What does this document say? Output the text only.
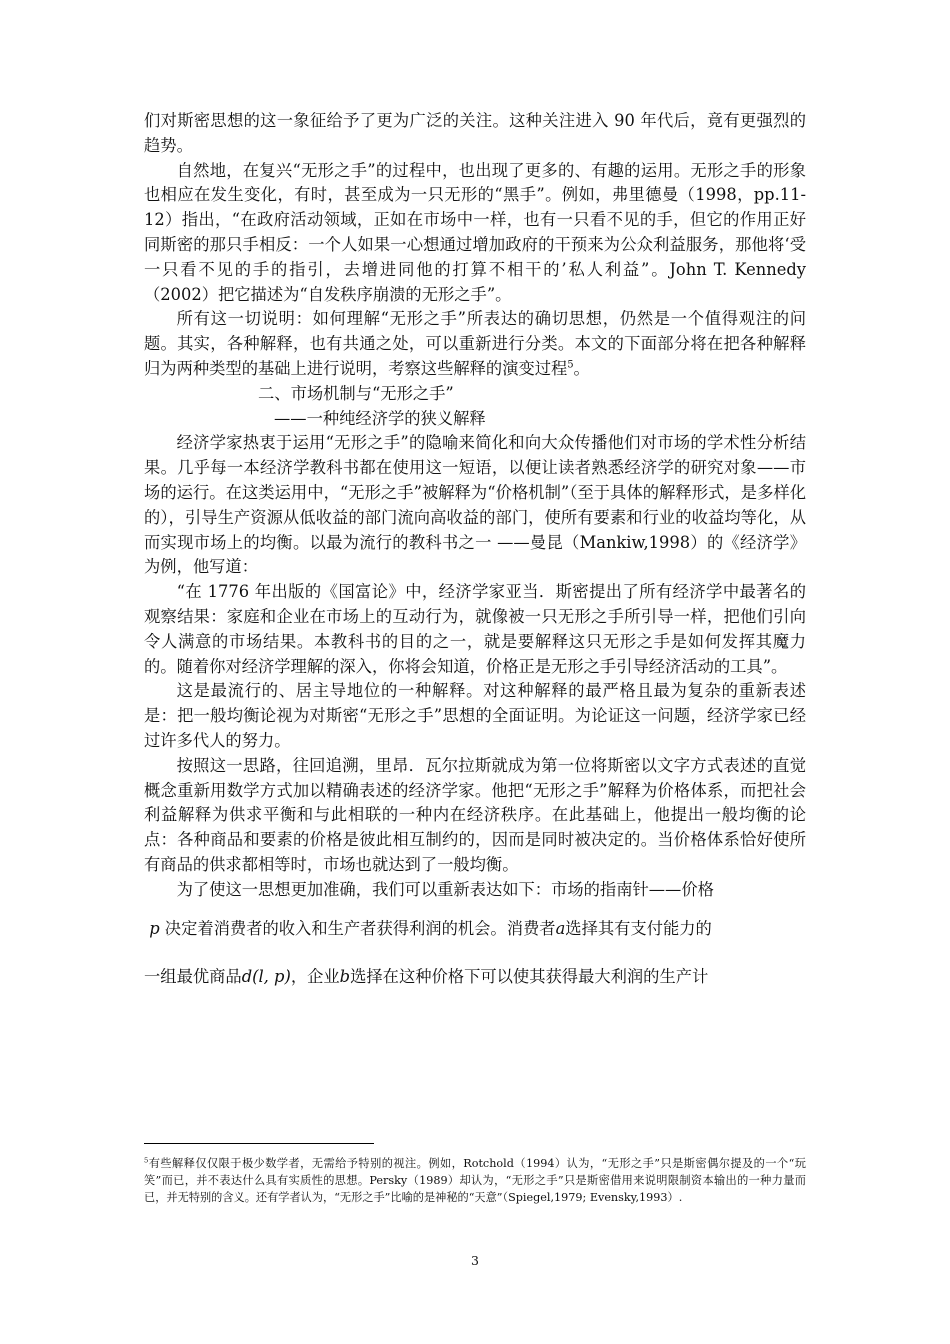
们对斯密思想的这一象征给予了更为广泛的关注。这种关注进入 90 年代后，竟有更强烈的趋势。

自然地，在复兴“无形之手”的过程中，也出现了更多的、有趣的运用。无形之手的形象也相应在发生变化，有时，甚至成为一只无形的“黑手”。例如，弗里德曼（1998，pp.11-12）指出，“在政府活动领域，正如在市场中一样，也有一只看不见的手，但它的作用正好同斯密的那只手相反：一个人如果一心想通过增加政府的干预来为公众利益服务，那他将‘受一只看不见的手的指引，去增进同他的打算不相干的’私人利益”。John T. Kennedy（2002）把它描述为“自发秩序崩溃的无形之手”。

所有这一切说明：如何理解“无形之手”所表达的确切思想，仍然是一个值得观注的问题。其实，各种解释，也有共通之处，可以重新进行分类。本文的下面部分将在把各种解释归为两种类型的基础上进行说明，考察这些解释的演变过程$^5$。

二、市场机制与“无形之手”

——一种纯经济学的狭义解释

经济学家热衷于运用“无形之手”的隐喻来简化和向大众传播他们对市场的学术性分析结果。几乎每一本经济学教科书都在使用这一短语，以便让读者熟悉经济学的研究对象——市场的运行。在这类运用中，“无形之手”被解释为“价格机制”（至于具体的解释形式，是多样化的），引导生产资源从低收益的部门流向高收益的部门，使所有要素和行业的收益均等化，从而实现市场上的均衡。以最为流行的教科书之一 ——曼昆（Mankiw,1998）的《经济学》为例，他写道：

“在 1776 年出版的《国富论》中，经济学家亚当．斯密提出了所有经济学中最著名的观察结果：家庭和企业在市场上的互动行为，就像被一只无形之手所引导一样，把他们引向令人满意的市场结果。本教科书的目的之一，就是要解释这只无形之手是如何发挥其魔力的。随着你对经济学理解的深入，你将会知道，价格正是无形之手引导经济活动的工具”。

这是最流行的、居主导地位的一种解释。对这种解释的最严格且最为复杂的重新表述是：把一般均衡论视为对斯密“无形之手”思想的全面证明。为论证这一问题，经济学家已经过许多代人的努力。

按照这一思路，往回追溯，里昂．瓦尔拉斯就成为第一位将斯密以文字方式表述的直觉概念重新用数学方式加以精确表述的经济学家。他把“无形之手”解释为价格体系，而把社会利益解释为供求平衡和与此相联的一种内在经济秩序。在此基础上，他提出一般均衡的论点：各种商品和要素的价格是彼此相互制约的，因而是同时被决定的。当价格体系恰好使所有商品的供求都相等时，市场也就达到了一般均衡。

为了使这一思想更加准确，我们可以重新表达如下：市场的指南针——价格

p 决定着消费者的收入和生产者获得利润的机会。消费者a选择其有支付能力的

一组最优商品d(l, p)，企业b选择在这种价格下可以使其获得最大利润的生产计

$^5$有些解释仅仅限于极少数学者，无需给予特别的视注。例如，Rotchold（1994）认为，“无形之手”只是斯密偶尔提及的一个“玩笑”而已，并不表达什么具有实质性的思想。Persky（1989）却认为，“无形之手”只是斯密借用来说明限制资本输出的一种力量而已，并无特别的含义。还有学者认为，“无形之手”比喻的是神秘的“天意”（Spiegel,1979; Evensky,1993）.
3
